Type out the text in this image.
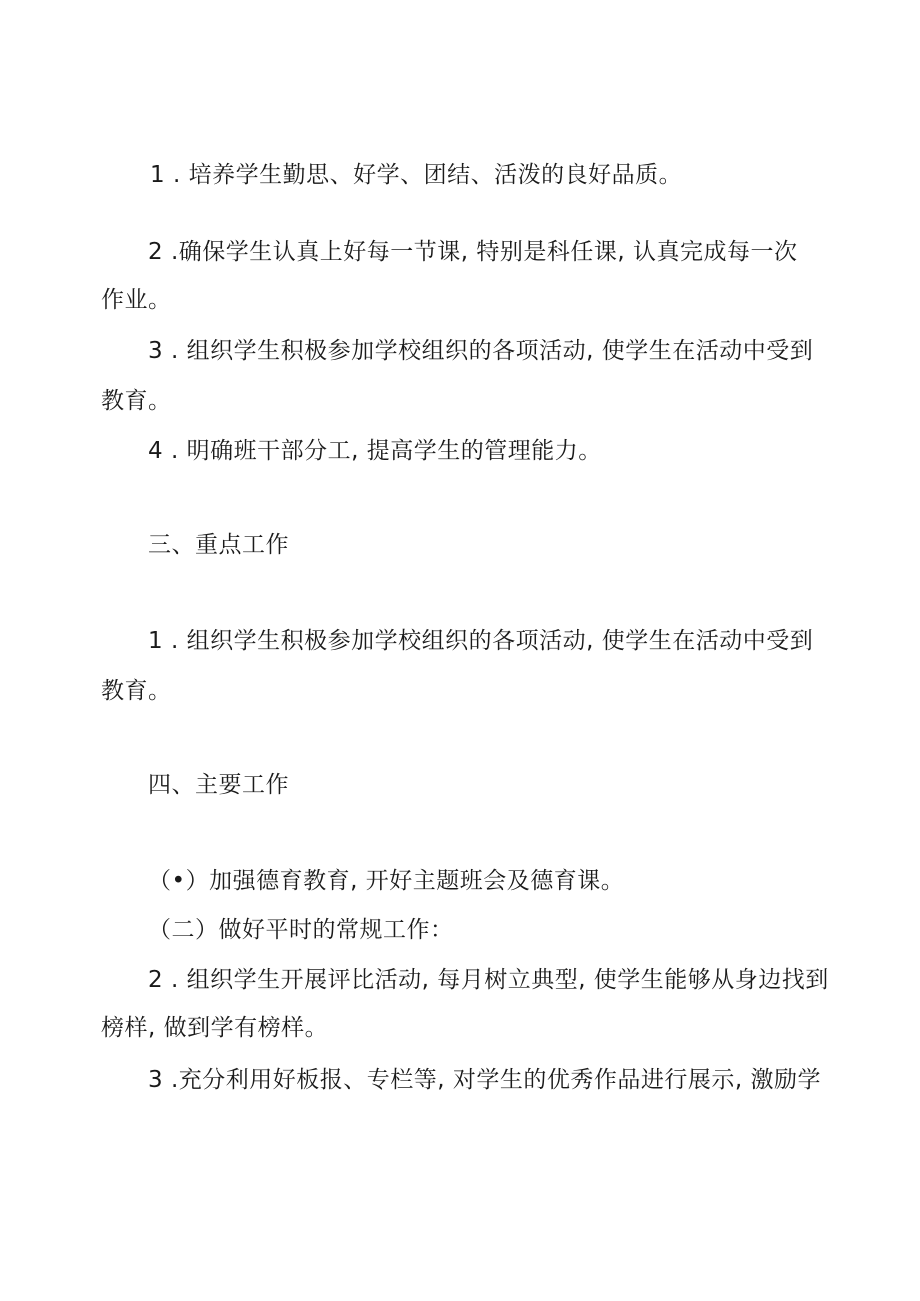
1 . 培养学生勤思、好学、团结、活泼的良好品质。
2 .确保学生认真上好每一节课, 特别是科任课, 认真完成每一次
作业。
3 . 组织学生积极参加学校组织的各项活动, 使学生在活动中受到
教育。
4 . 明确班干部分工, 提高学生的管理能力。
三、重点工作
1 . 组织学生积极参加学校组织的各项活动, 使学生在活动中受到
教育。
四、主要工作
（•）加强德育教育, 开好主题班会及德育课。
（二）做好平时的常规工作：
2 . 组织学生开展评比活动, 每月树立典型, 使学生能够从身边找到
榜样, 做到学有榜样。
3 .充分利用好板报、专栏等, 对学生的优秀作品进行展示, 激励学
